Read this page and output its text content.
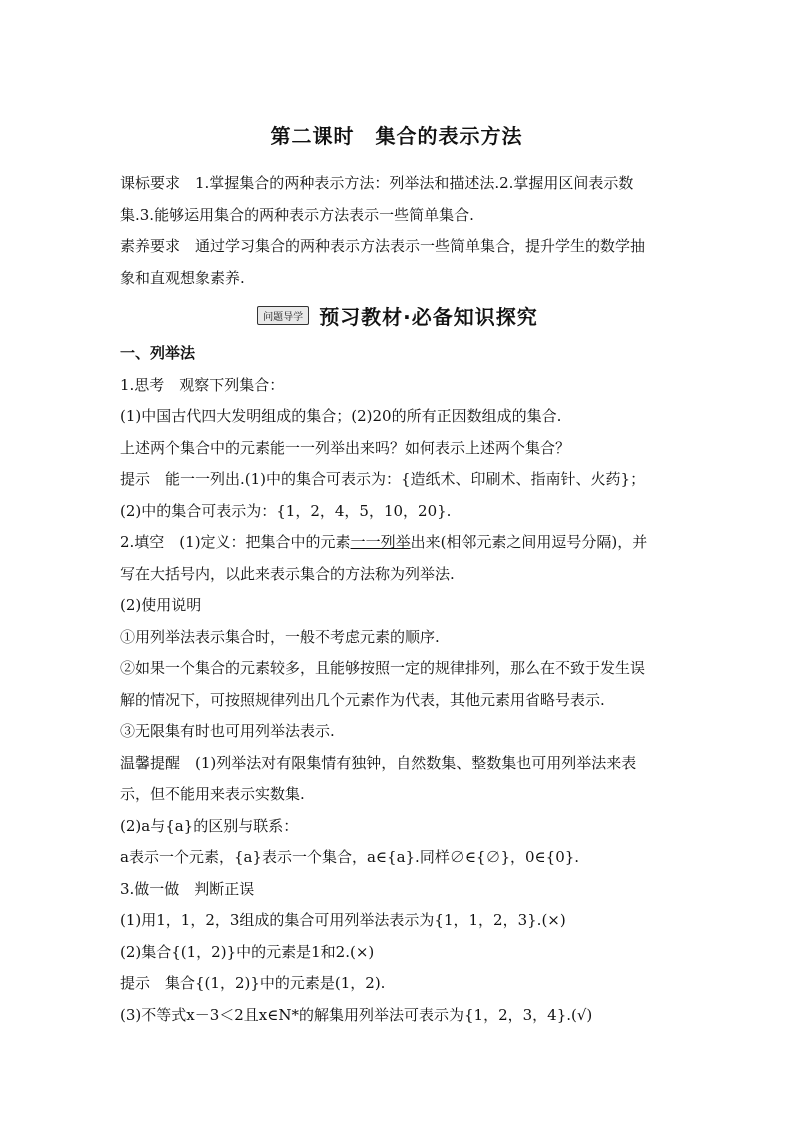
第二课时　集合的表示方法
课标要求　1.掌握集合的两种表示方法：列举法和描述法.2.掌握用区间表示数
集.3.能够运用集合的两种表示方法表示一些简单集合.
素养要求　通过学习集合的两种表示方法表示一些简单集合，提升学生的数学抽
象和直观想象素养.
问题导学 预习教材·必备知识探究
一、列举法
1.思考　观察下列集合：
(1)中国古代四大发明组成的集合；(2)20的所有正因数组成的集合.
上述两个集合中的元素能一一列举出来吗？如何表示上述两个集合？
提示　能一一列出.(1)中的集合可表示为：{造纸术、印刷术、指南针、火药}；
(2)中的集合可表示为：{1，2，4，5，10，20}.
2.填空　(1)定义：把集合中的元素一一列举出来(相邻元素之间用逗号分隔)，并
写在大括号内，以此来表示集合的方法称为列举法.
(2)使用说明
①用列举法表示集合时，一般不考虑元素的顺序.
②如果一个集合的元素较多，且能够按照一定的规律排列，那么在不致于发生误
解的情况下，可按照规律列出几个元素作为代表，其他元素用省略号表示.
③无限集有时也可用列举法表示.
温馨提醒　(1)列举法对有限集情有独钟，自然数集、整数集也可用列举法来表
示，但不能用来表示实数集.
(2)a与{a}的区别与联系：
a表示一个元素，{a}表示一个集合，a∈{a}.同样∅∈{∅}，0∈{0}.
3.做一做　判断正误
(1)用1，1，2，3组成的集合可用列举法表示为{1，1，2，3}.(×)
(2)集合{(1，2)}中的元素是1和2.(×)
提示　集合{(1，2)}中的元素是(1，2).
(3)不等式x－3＜2且x∈N*的解集用列举法可表示为{1，2，3，4}.(√)
